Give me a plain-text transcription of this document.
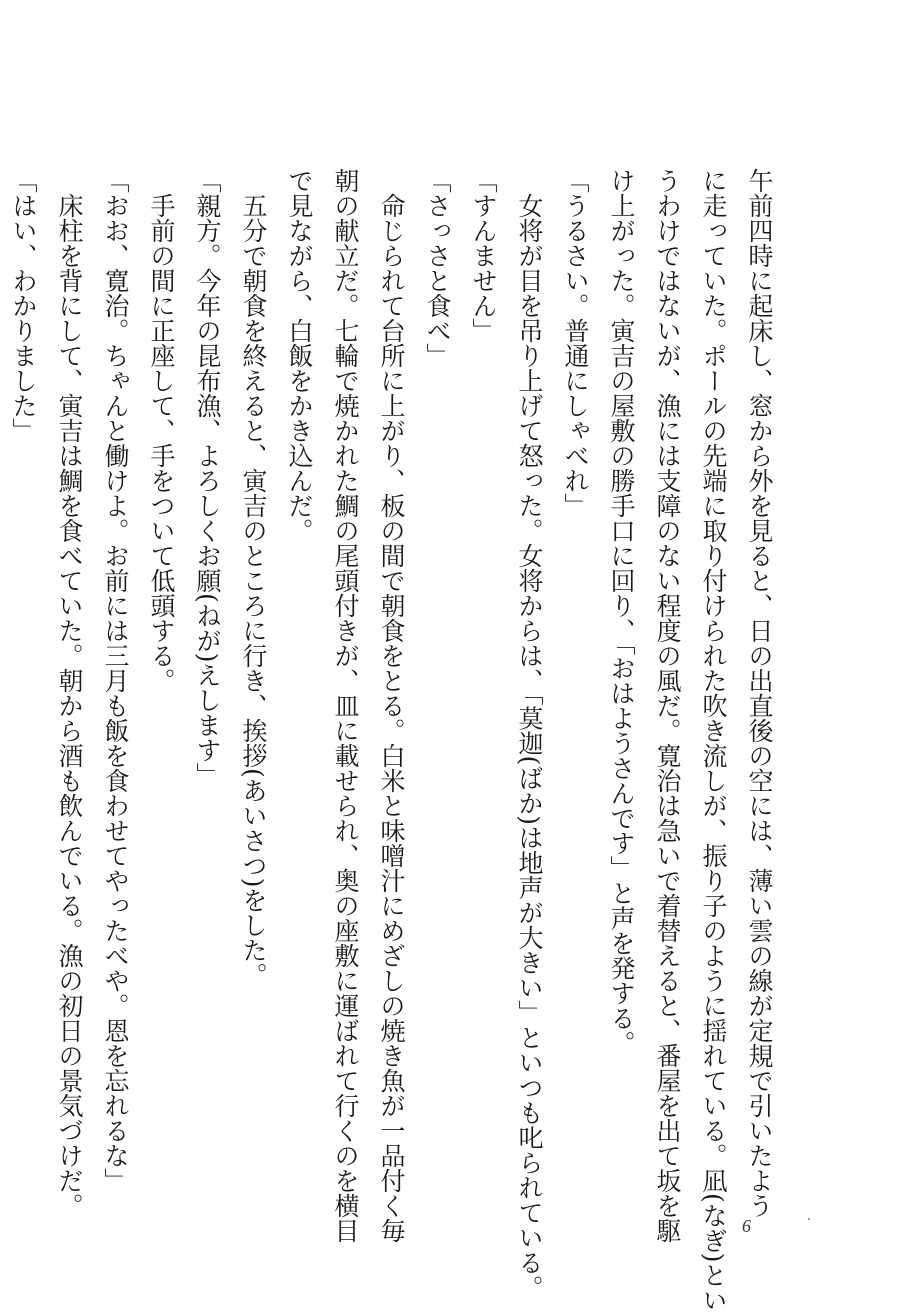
午前四時に起床し、窓から外を見ると、日の出直後の空には、薄い雲の線が定規で引いたよう

に走っていた。ポールの先端に取り付けられた吹き流しが、振り子のように揺れている。凪(なぎ)とい

うわけではないが、漁には支障のない程度の風だ。寛治は急いで着替えると、番屋を出て坂を駆

け上がった。寅吉の屋敷の勝手口に回り、「おはようさんです」と声を発する。

「うるさい。普通にしゃべれ」

　女将が目を吊り上げて怒った。女将からは、「莫迦(ばか)は地声が大きい」といつも叱られている。

「すんません」

「さっさと食べ」

　命じられて台所に上がり、板の間で朝食をとる。白米と味噌汁にめざしの焼き魚が一品付く毎

朝の献立だ。七輪で焼かれた鯛の尾頭付きが、皿に載せられ、奥の座敷に運ばれて行くのを横目

で見ながら、白飯をかき込んだ。

　五分で朝食を終えると、寅吉のところに行き、挨拶(あいさつ)をした。

「親方。今年の昆布漁、よろしくお願(ねが)えします」

　手前の間に正座して、手をついて低頭する。

「おお、寛治。ちゃんと働けよ。お前には三月も飯を食わせてやったべや。恩を忘れるな」

　床柱を背にして、寅吉は鯛を食べていた。朝から酒も飲んでいる。漁の初日の景気づけだ。

「はい、わかりました」

6
